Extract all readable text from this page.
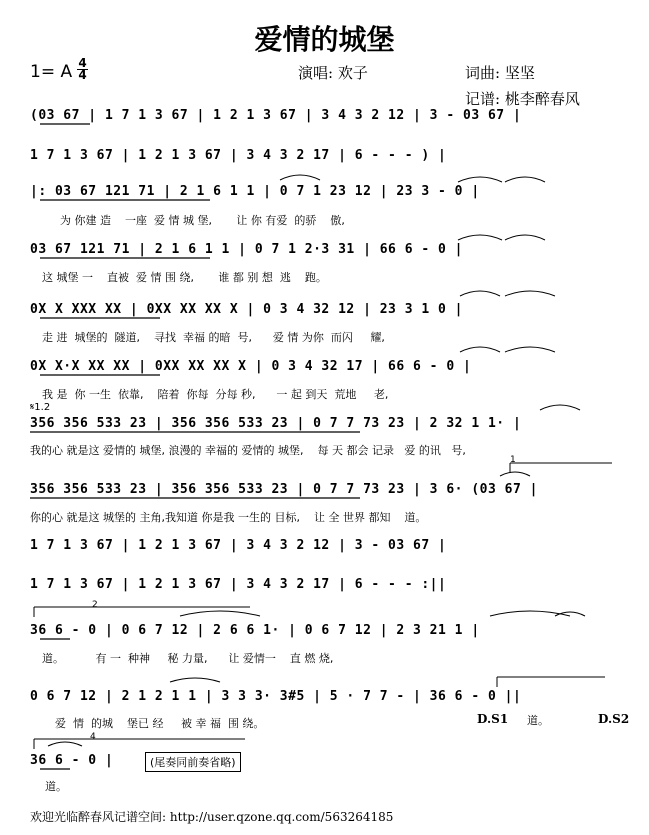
爱情的城堡
1= A 4
4	演唱: 欢子	词曲: 坚坚
记谱: 桃李醉春风
(03 67 | 1 7 1 3 67 | 1 2 1 3 67 | 3 4 3 2 12 | 3 - 03 67 |
1 7 1 3 67 | 1 2 1 3 67 | 3 4 3 2 17 | 6 - - - ) |
|: 03 67 121 71 | 2 1 6 1 1 | 0 7 1 23 12 | 23 3 - 0 |
为 你建 造    一座  爱 情 城 堡,       让 你 有爱  的骄    傲,
03 67 121 71 | 2 1 6 1 1 | 0 7 1 2·3 31 | 66 6 - 0 |
这 城堡 一    直被  爱 情 围 绕,       谁 都 别 想  逃    跑。
0X X XXX XX | 0XX XX XX X | 0 3 4 32 12 | 23 3 1 0 |
走 进  城堡的  隧道,    寻找  幸福 的暗  号,      爱 情 为你  而闪     耀,
0X X·X XX XX | 0XX XX XX X | 0 3 4 32 17 | 66 6 - 0 |
我 是  你 一生  依靠,    陪着  你每  分每 秒,      一 起 到天  荒地     老,
𝄋1.2
356 356 533 23 | 356 356 533 23 | 0 7 7 73 23 | 2 32 1 1· |
我的心 就是这 爱情的 城堡, 浪漫的 幸福的 爱情的 城堡,    每 天 都会 记录   爱 的讯   号,
1
356 356 533 23 | 356 356 533 23 | 0 7 7 73 23 | 3 6· (03 67 |
你的心 就是这 城堡的 主角,我知道 你是我 一生的 目标,    让 全 世界 都知    道。
1 7 1 3 67 | 1 2 1 3 67 | 3 4 3 2 12 | 3 - 03 67 |
1 7 1 3 67 | 1 2 1 3 67 | 3 4 3 2 17 | 6 - - - :||
2
36 6 - 0 | 0 6 7 12 | 2 6 6 1· | 0 6 7 12 | 2 3 21 1 |
道。         有 一  种神     秘 力量,      让 爱情一    直 燃 烧,
0 6 7 12 | 2 1 2 1 1 | 3 3 3· 3#5 | 5 · 7 7 - | 36 6 - 0 ||
爱  情  的城    堡已 经     被 幸 福  围 绕。	D.S1 道。	D.S2
4
36 6 - 0 |	(尾奏同前奏省略)
道。
欢迎光临醉春风记谱空间: http://user.qzone.qq.com/563264185
